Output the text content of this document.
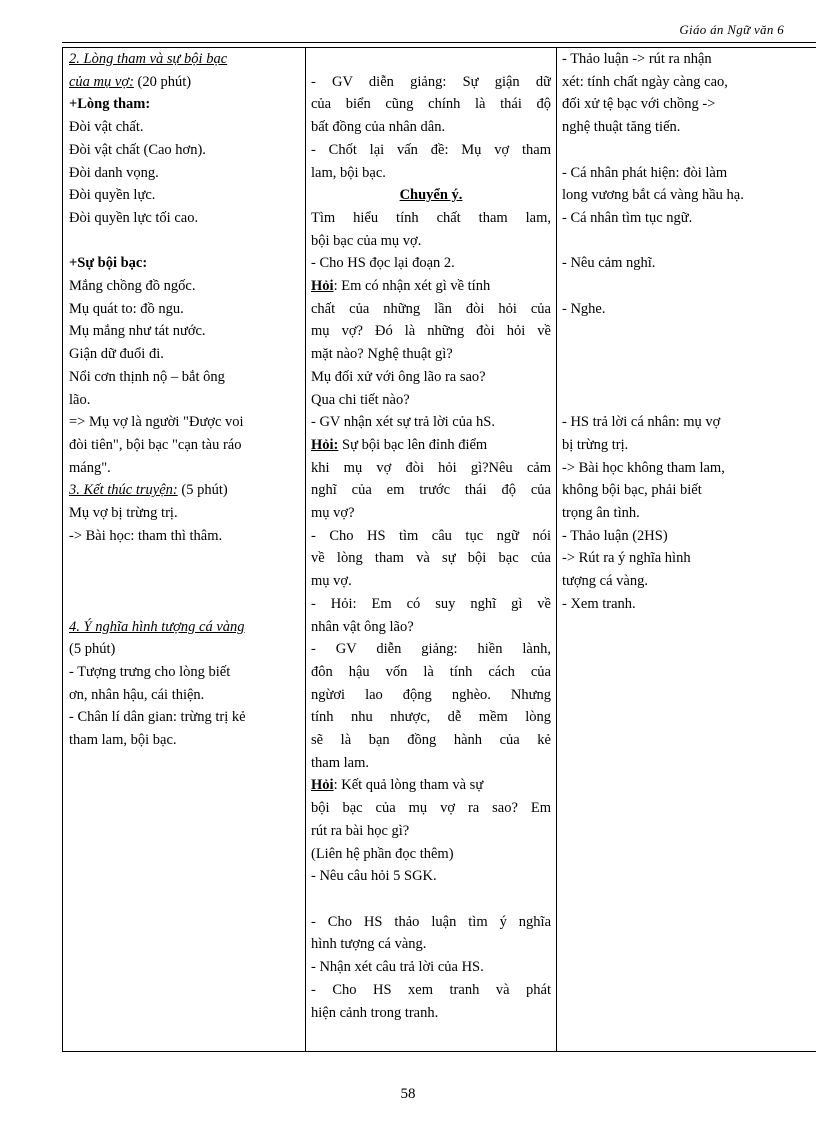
Giáo án Ngữ văn 6
2. Lòng tham và sự bội bạc
của mụ vợ: (20 phút)
+Lòng tham:
Đòi vật chất.
Đòi vật chất (Cao hơn).
Đòi danh vọng.
Đòi quyền lực.
Đòi quyền lực tối cao.
+Sự bội bạc:
Mắng chồng đồ ngốc.
Mụ quát to: đồ ngu.
Mụ mắng như tát nước.
Giận dữ đuổi đi.
Nổi cơn thịnh nộ – bắt ông
lão.
=> Mụ vợ là người "Được voi
đòi tiên", bội bạc "cạn tàu ráo
máng".
3. Kết thúc truyện: (5 phút)
Mụ vợ bị trừng trị.
-> Bài học: tham thì thâm.
4. Ý nghĩa hình tượng cá vàng
(5 phút)
- Tượng trưng cho lòng biết
ơn, nhân hậu, cái thiện.
- Chân lí dân gian: trừng trị kẻ
tham lam, bội bạc.
- GV diễn giảng: Sự giận dữ
của biển cũng chính là thái độ
bất đồng của nhân dân.
- Chốt lại vấn đề: Mụ vợ tham
lam, bội bạc.
Chuyển ý.
Tìm hiểu tính chất tham lam,
bội bạc của mụ vợ.
- Cho HS đọc lại đoạn 2.
Hỏi: Em có nhận xét gì về tính
chất của những lần đòi hỏi của
mụ vợ? Đó là những đòi hỏi về
mặt nào? Nghệ thuật gì?
Mụ đối xử với ông lão ra sao?
Qua chi tiết nào?
- GV nhận xét sự trả lời của hS.
Hỏi: Sự bội bạc lên đỉnh điểm
khi mụ vợ đòi hỏi gì?Nêu cảm
nghĩ của em trước thái độ của
mụ vợ?
- Cho HS tìm câu tục ngữ nói
về lòng tham và sự bội bạc của
mụ vợ.
- Hỏi: Em có suy nghĩ gì về
nhân vật ông lão?
- GV diễn giảng: hiền lành,
đôn hậu vốn là tính cách của
ngừơi lao động nghèo. Nhưng
tính nhu nhược, dễ mềm lòng
sẽ là bạn đồng hành của kẻ
tham lam.
Hỏi: Kết quả lòng tham và sự
bội bạc của mụ vợ ra sao? Em
rút ra bài học gì?
(Liên hệ phần đọc thêm)
- Nêu câu hỏi 5 SGK.
- Cho HS thảo luận tìm ý nghĩa
hình tượng cá vàng.
- Nhận xét câu trả lời của HS.
- Cho HS xem tranh và phát
hiện cảnh trong tranh.
- Thảo luận -> rút ra nhận
xét: tính chất ngày càng cao,
đối xử tệ bạc với chồng ->
nghệ thuật tăng tiến.
- Cá nhân phát hiện: đòi làm
long vương bắt cá vàng hầu hạ.
- Cá nhân tìm tục ngữ.
- Nêu cảm nghĩ.
- Nghe.
- HS trả lời cá nhân: mụ vợ
bị trừng trị.
-> Bài học không tham lam,
không bội bạc, phải biết
trọng ân tình.
- Thảo luận (2HS)
-> Rút ra ý nghĩa hình
tượng cá vàng.
- Xem tranh.
58
